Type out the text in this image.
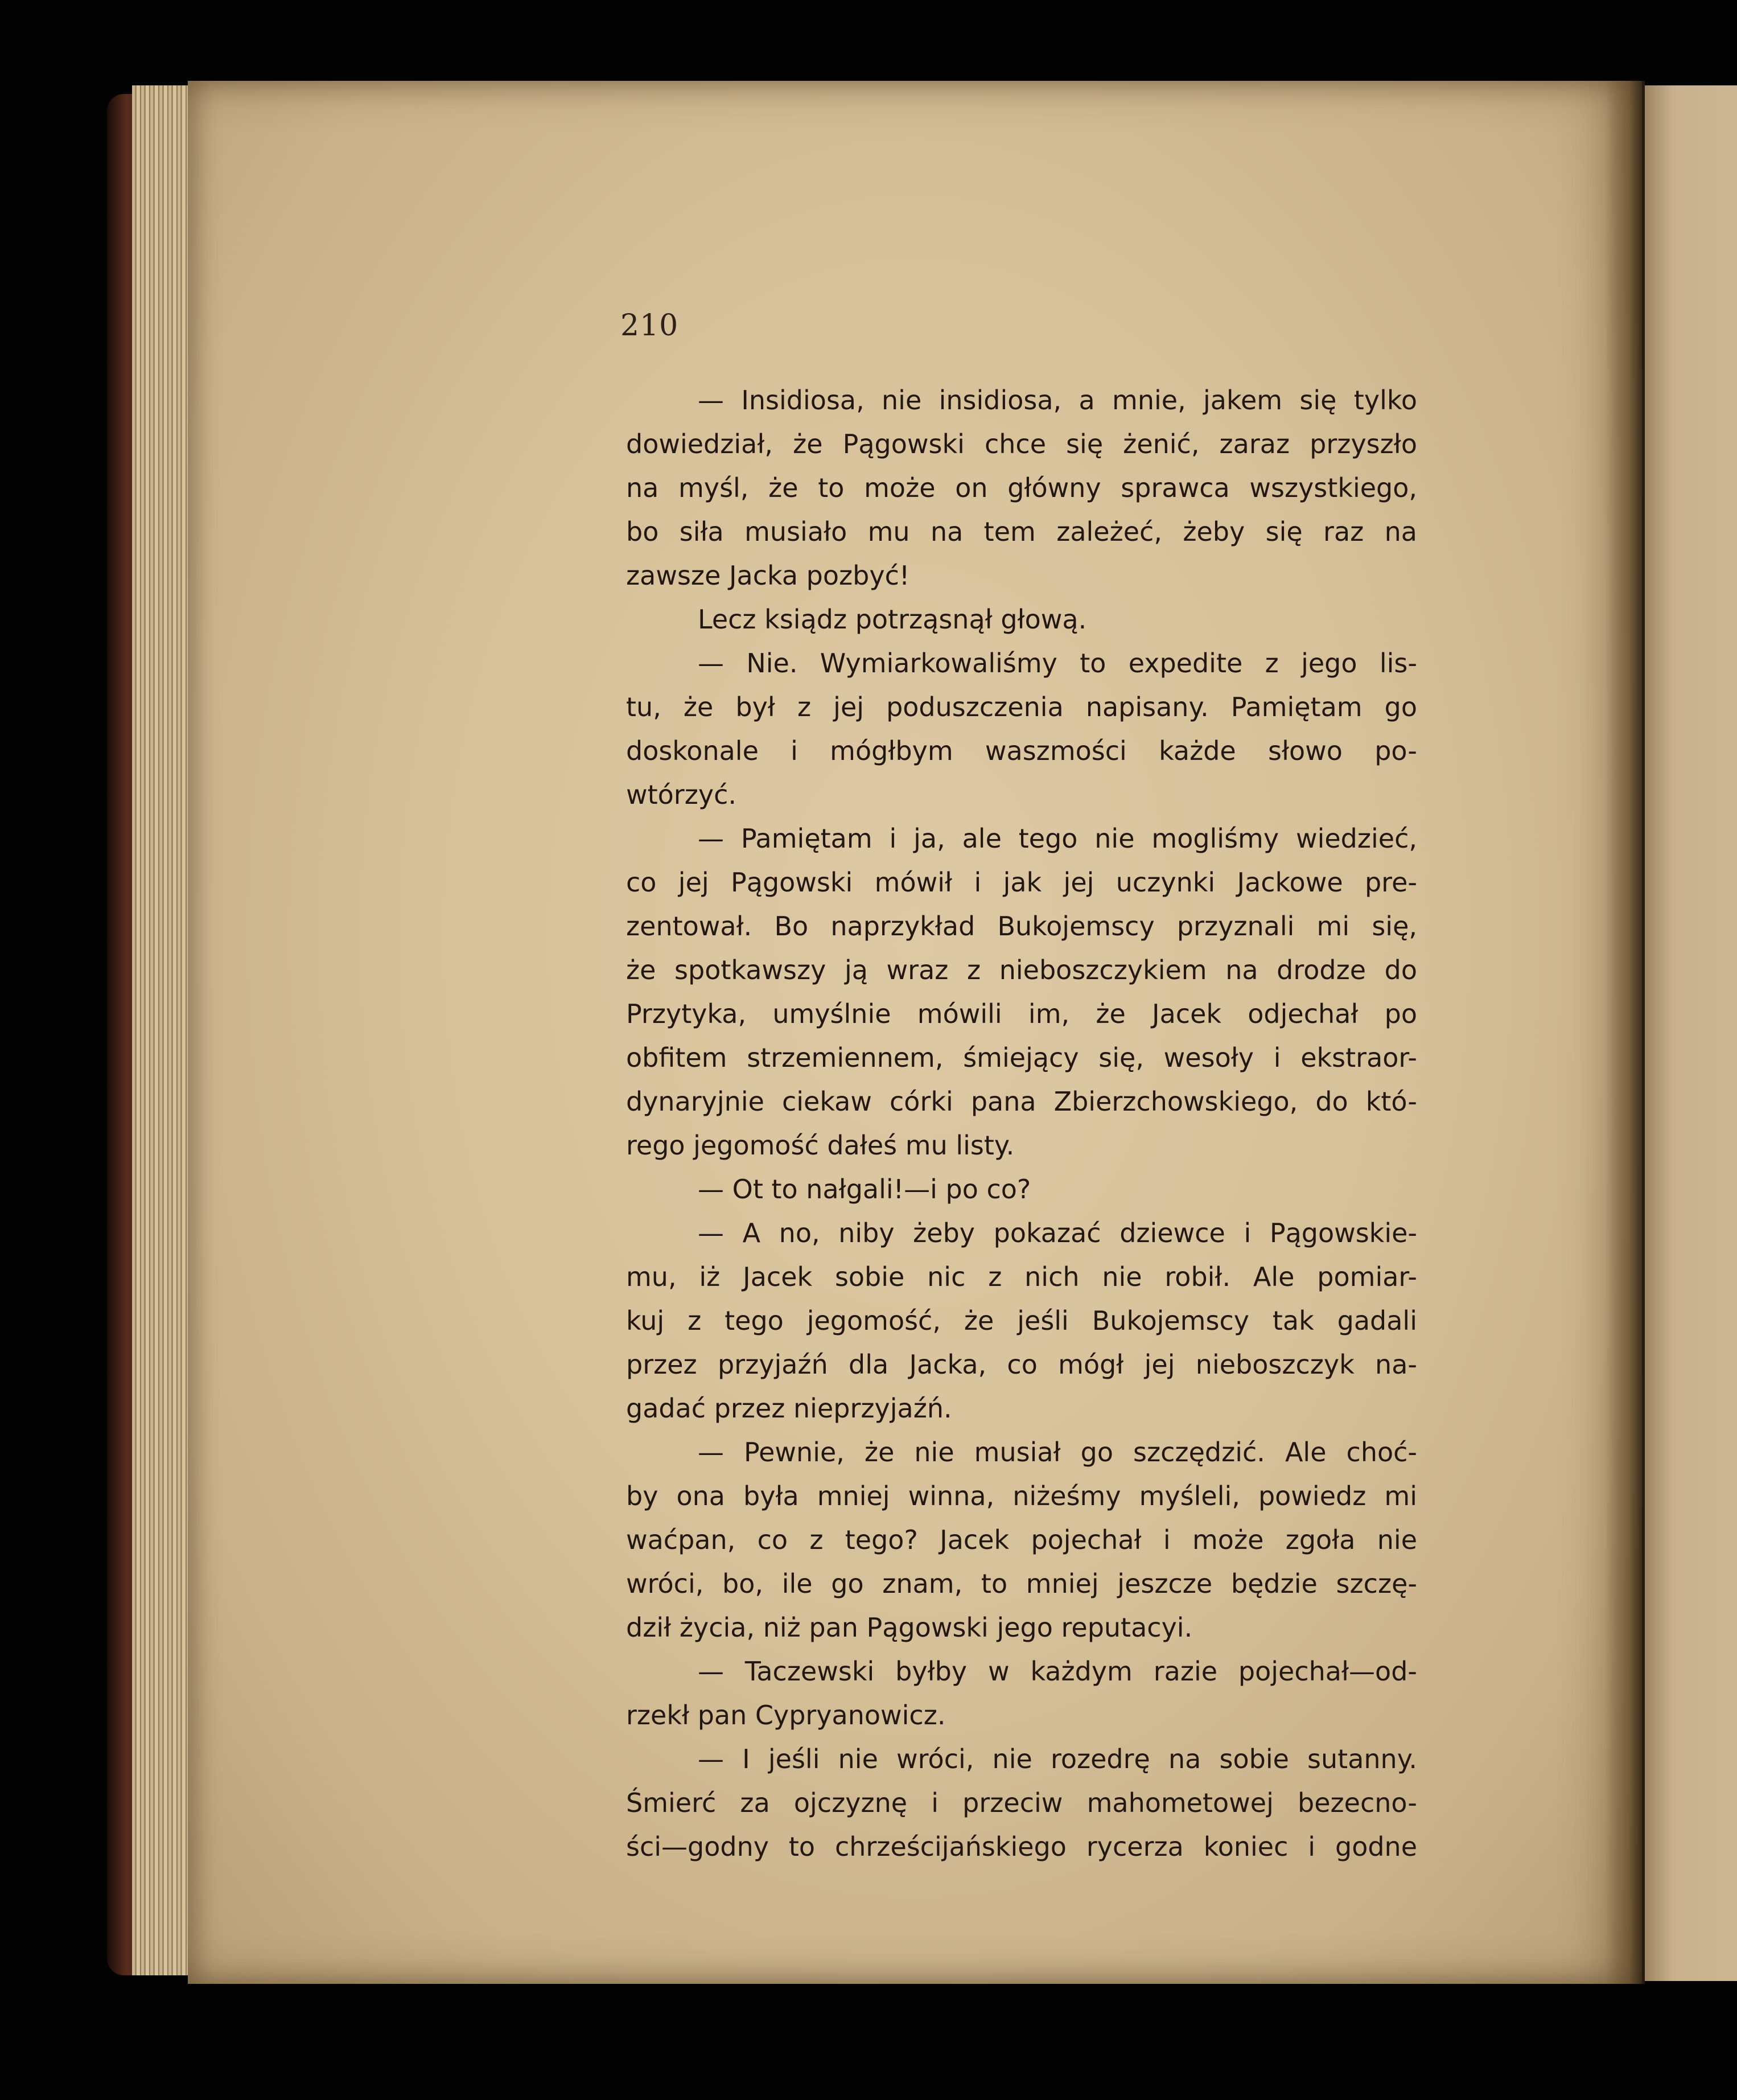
210
— Insidiosa, nie insidiosa, a mnie, jakem się tylko
dowiedział, że Pągowski chce się żenić, zaraz przyszło
na myśl, że to może on główny sprawca wszystkiego,
bo siła musiało mu na tem zależeć, żeby się raz na
zawsze Jacka pozbyć!
Lecz ksiądz potrząsnął głową.
— Nie. Wymiarkowaliśmy to expedite z jego lis-
tu, że był z jej poduszczenia napisany. Pamiętam go
doskonale i mógłbym waszmości każde słowo po-
wtórzyć.
— Pamiętam i ja, ale tego nie mogliśmy wiedzieć,
co jej Pągowski mówił i jak jej uczynki Jackowe pre-
zentował. Bo naprzykład Bukojemscy przyznali mi się,
że spotkawszy ją wraz z nieboszczykiem na drodze do
Przytyka, umyślnie mówili im, że Jacek odjechał po
obfitem strzemiennem, śmiejący się, wesoły i ekstraor-
dynaryjnie ciekaw córki pana Zbierzchowskiego, do któ-
rego jegomość dałeś mu listy.
— Ot to nałgali!—i po co?
— A no, niby żeby pokazać dziewce i Pągowskie-
mu, iż Jacek sobie nic z nich nie robił. Ale pomiar-
kuj z tego jegomość, że jeśli Bukojemscy tak gadali
przez przyjaźń dla Jacka, co mógł jej nieboszczyk na-
gadać przez nieprzyjaźń.
— Pewnie, że nie musiał go szczędzić. Ale choć-
by ona była mniej winna, niżeśmy myśleli, powiedz mi
waćpan, co z tego? Jacek pojechał i może zgoła nie
wróci, bo, ile go znam, to mniej jeszcze będzie szczę-
dził życia, niż pan Pągowski jego reputacyi.
— Taczewski byłby w każdym razie pojechał—od-
rzekł pan Cypryanowicz.
— I jeśli nie wróci, nie rozedrę na sobie sutanny.
Śmierć za ojczyznę i przeciw mahometowej bezecno-
ści—godny to chrześcijańskiego rycerza koniec i godne
